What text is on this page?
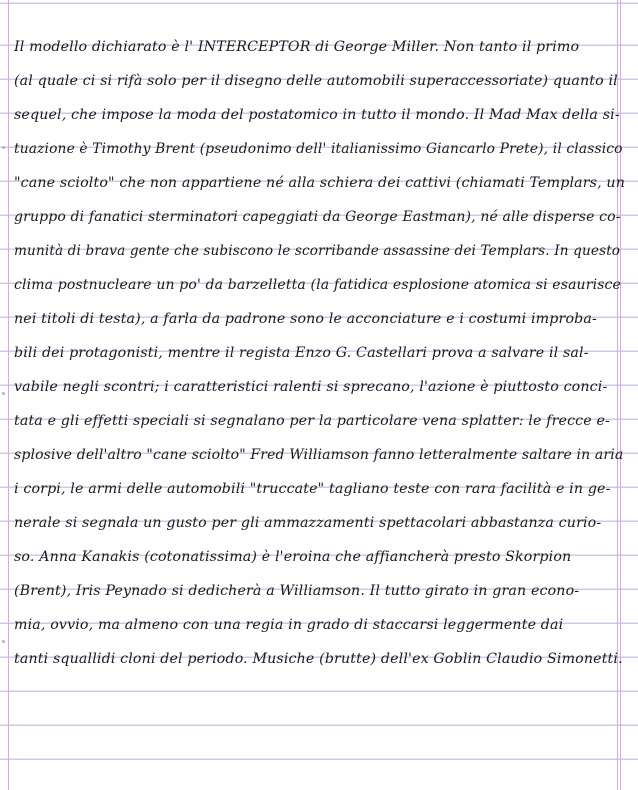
Il modello dichiarato è l' INTERCEPTOR di George Miller. Non tanto il primo
(al quale ci si rifà solo per il disegno delle automobili superaccessoriate) quanto il
sequel, che impose la moda del postatomico in tutto il mondo. Il Mad Max della si-
tuazione è Timothy Brent (pseudonimo dell' italianissimo Giancarlo Prete), il classico
"cane sciolto" che non appartiene né alla schiera dei cattivi (chiamati Templars, un
gruppo di fanatici sterminatori capeggiati da George Eastman), né alle disperse co-
munità di brava gente che subiscono le scorribande assassine dei Templars. In questo
clima postnucleare un po' da barzelletta (la fatidica esplosione atomica si esaurisce
nei titoli di testa), a farla da padrone sono le acconciature e i costumi improba-
bili dei protagonisti, mentre il regista Enzo G. Castellari prova a salvare il sal-
vabile negli scontri; i caratteristici ralenti si sprecano, l'azione è piuttosto conci-
tata e gli effetti speciali si segnalano per la particolare vena splatter: le frecce e-
splosive dell'altro "cane sciolto" Fred Williamson fanno letteralmente saltare in aria
i corpi, le armi delle automobili "truccate" tagliano teste con rara facilità e in ge-
nerale si segnala un gusto per gli ammazzamenti spettacolari abbastanza curio-
so. Anna Kanakis (cotonatissima) è l'eroina che affiancherà presto Skorpion
(Brent), Iris Peynado si dedicherà a Williamson. Il tutto girato in gran econo-
mia, ovvio, ma almeno con una regia in grado di staccarsi leggermente dai
tanti squallidi cloni del periodo. Musiche (brutte) dell'ex Goblin Claudio Simonetti.
